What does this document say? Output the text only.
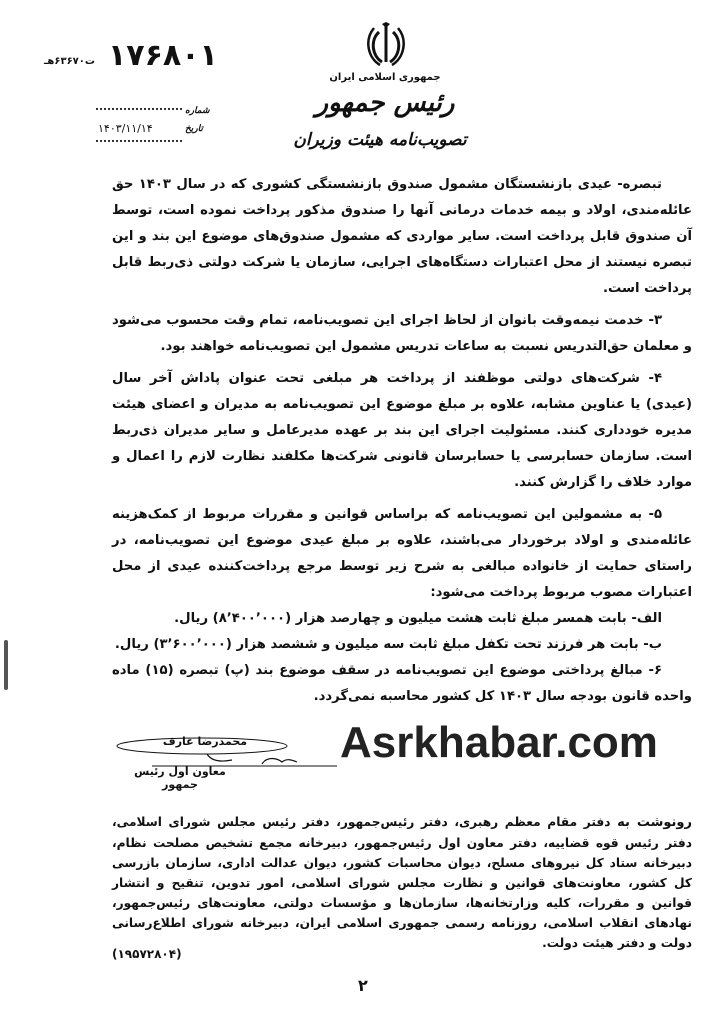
جمهوری اسلامی ایران
رئیس جمهور
تصویب‌نامه هیئت وزیران
۱۷۶۸۰۱
ت۶۳۶۷۰هـ
شماره
تاریخ
۱۴۰۳/۱۱/۱۴

تبصره- عیدی بازنشستگان مشمول صندوق بازنشستگی کشوری که در سال ۱۴۰۳ حق عائله‌مندی، اولاد و بیمه خدمات درمانی آنها را صندوق مذکور پرداخت نموده است، توسط آن صندوق قابل پرداخت است. سایر مواردی که مشمول صندوق‌های موضوع این بند و این تبصره نیستند از محل اعتبارات دستگاه‌های اجرایی، سازمان یا شرکت دولتی ذی‌ربط قابل پرداخت است.

۳- خدمت نیمه‌وقت بانوان از لحاظ اجرای این تصویب‌نامه، تمام وقت محسوب می‌شود و معلمان حق‌التدریس نسبت به ساعات تدریس مشمول این تصویب‌نامه خواهند بود.

۴- شرکت‌های دولتی موظفند از پرداخت هر مبلغی تحت عنوان پاداش آخر سال (عیدی) یا عناوین مشابه، علاوه بر مبلغ موضوع این تصویب‌نامه به مدیران و اعضای هیئت مدیره خودداری کنند. مسئولیت اجرای این بند بر عهده مدیرعامل و سایر مدیران ذی‌ربط است. سازمان حسابرسی یا حسابرسان قانونی شرکت‌ها مکلفند نظارت لازم را اعمال و موارد خلاف را گزارش کنند.

۵- به مشمولین این تصویب‌نامه که براساس قوانین و مقررات مربوط از کمک‌هزینه عائله‌مندی و اولاد برخوردار می‌باشند، علاوه بر مبلغ عیدی موضوع این تصویب‌نامه، در راستای حمایت از خانواده مبالغی به شرح زیر توسط مرجع پرداخت‌کننده عیدی از محل اعتبارات مصوب مربوط پرداخت می‌شود:

الف- بابت همسر مبلغ ثابت هشت میلیون و چهارصد هزار (۸٬۴۰۰٬۰۰۰) ریال.

ب- بابت هر فرزند تحت تکفل مبلغ ثابت سه میلیون و ششصد هزار (۳٬۶۰۰٬۰۰۰) ریال.

۶- مبالغ پرداختی موضوع این تصویب‌نامه در سقف موضوع بند (پ) تبصره (۱۵) ماده واحده قانون بودجه سال ۱۴۰۳ کل کشور محاسبه نمی‌گردد.

محمدرضا عارف
معاون اول رئیس جمهور
Asrkhabar.com
رونوشت به دفتر مقام معظم رهبری، دفتر رئیس‌جمهور، دفتر رئیس مجلس شورای اسلامی، دفتر رئیس قوه قضاییه، دفتر معاون اول رئیس‌جمهور، دبیرخانه مجمع تشخیص مصلحت نظام، دبیرخانه ستاد کل نیروهای مسلح، دیوان محاسبات کشور، دیوان عدالت اداری، سازمان بازرسی کل کشور، معاونت‌های قوانین و نظارت مجلس شورای اسلامی، امور تدوین، تنقیح و انتشار قوانین و مقررات، کلیه وزارتخانه‌ها، سازمان‌ها و مؤسسات دولتی، معاونت‌های رئیس‌جمهور، نهادهای انقلاب اسلامی، روزنامه رسمی جمهوری اسلامی ایران، دبیرخانه شورای اطلاع‌رسانی دولت و دفتر هیئت دولت.
(۱۹۵۷۲۸۰۴)
۲
